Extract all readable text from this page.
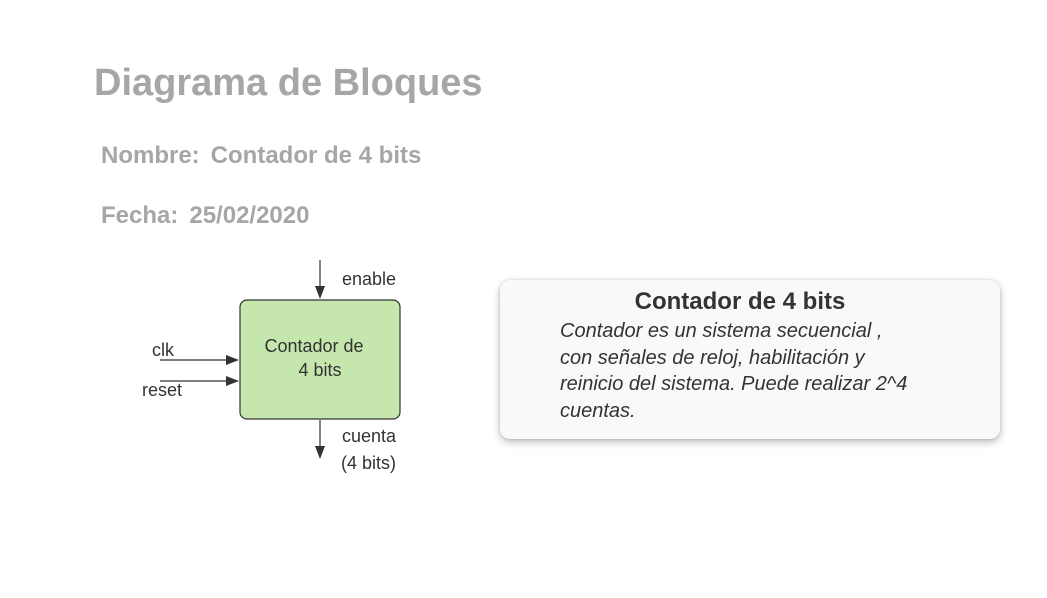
Diagrama de Bloques
Nombre: Contador de 4 bits
Fecha: 25/02/2020
enable
Contador de
4 bits
clk
reset
cuenta
(4 bits)
Contador de 4 bits
Contador es un sistema secuencial ,
con señales de reloj, habilitación y
reinicio del sistema. Puede realizar 2^4
cuentas.
